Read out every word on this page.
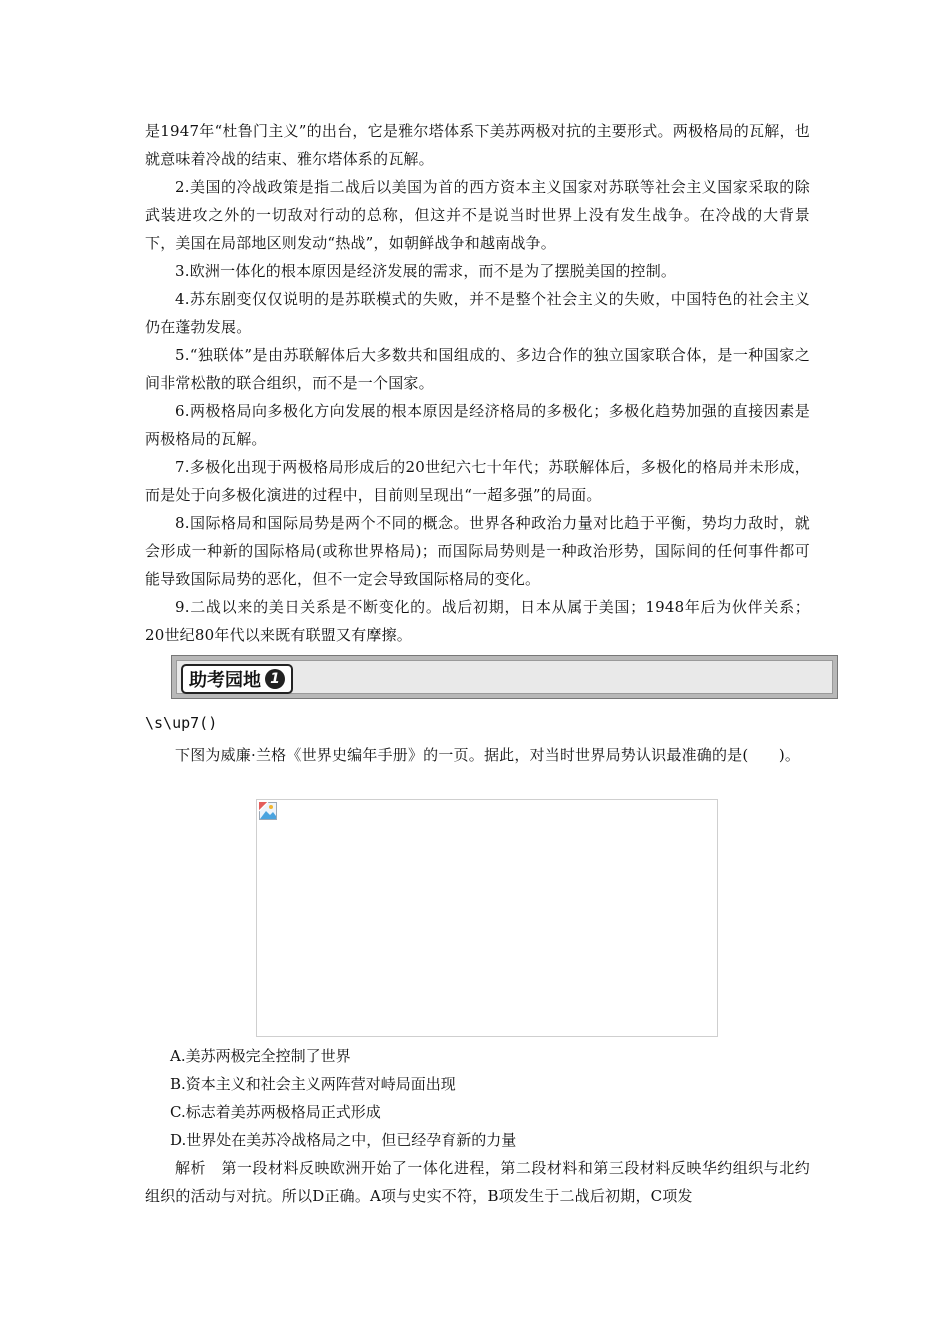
是1947年“杜鲁门主义”的出台，它是雅尔塔体系下美苏两极对抗的主要形式。两极格局的瓦解，也就意味着冷战的结束、雅尔塔体系的瓦解。

2.美国的冷战政策是指二战后以美国为首的西方资本主义国家对苏联等社会主义国家采取的除武装进攻之外的一切敌对行动的总称，但这并不是说当时世界上没有发生战争。在冷战的大背景下，美国在局部地区则发动“热战”，如朝鲜战争和越南战争。

3.欧洲一体化的根本原因是经济发展的需求，而不是为了摆脱美国的控制。

4.苏东剧变仅仅说明的是苏联模式的失败，并不是整个社会主义的失败，中国特色的社会主义仍在蓬勃发展。

5.“独联体”是由苏联解体后大多数共和国组成的、多边合作的独立国家联合体，是一种国家之间非常松散的联合组织，而不是一个国家。

6.两极格局向多极化方向发展的根本原因是经济格局的多极化；多极化趋势加强的直接因素是两极格局的瓦解。

7.多极化出现于两极格局形成后的20世纪六七十年代；苏联解体后，多极化的格局并未形成，而是处于向多极化演进的过程中，目前则呈现出“一超多强”的局面。

8.国际格局和国际局势是两个不同的概念。世界各种政治力量对比趋于平衡，势均力敌时，就会形成一种新的国际格局(或称世界格局)；而国际局势则是一种政治形势，国际间的任何事件都可能导致国际局势的恶化，但不一定会导致国际格局的变化。

9.二战以来的美日关系是不断变化的。战后初期，日本从属于美国；1948年后为伙伴关系；20世纪80年代以来既有联盟又有摩擦。

助考园地 1
\s\up7()

下图为威廉·兰格《世界史编年手册》的一页。据此，对当时世界局势认识最准确的是(　　)。

A.美苏两极完全控制了世界

B.资本主义和社会主义两阵营对峙局面出现

C.标志着美苏两极格局正式形成

D.世界处在美苏冷战格局之中，但已经孕育新的力量

解析　第一段材料反映欧洲开始了一体化进程，第二段材料和第三段材料反映华约组织与北约组织的活动与对抗。所以D正确。A项与史实不符，B项发生于二战后初期，C项发
